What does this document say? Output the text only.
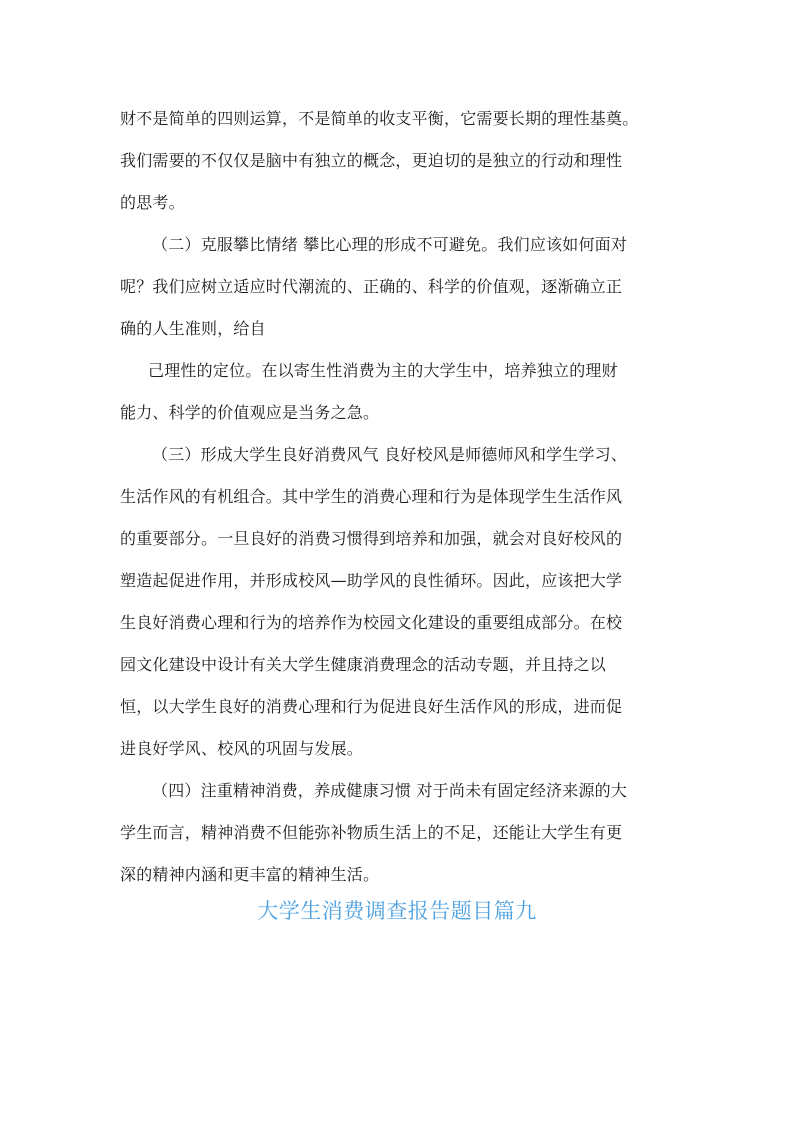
财不是简单的四则运算，不是简单的收支平衡，它需要长期的理性基奠。
我们需要的不仅仅是脑中有独立的概念，更迫切的是独立的行动和理性
的思考。
（二）克服攀比情绪 攀比心理的形成不可避免。我们应该如何面对
呢？我们应树立适应时代潮流的、正确的、科学的价值观，逐渐确立正
确的人生准则，给自
己理性的定位。在以寄生性消费为主的大学生中，培养独立的理财
能力、科学的价值观应是当务之急。
（三）形成大学生良好消费风气 良好校风是师德师风和学生学习、
生活作风的有机组合。其中学生的消费心理和行为是体现学生生活作风
的重要部分。一旦良好的消费习惯得到培养和加强，就会对良好校风的
塑造起促进作用，并形成校风—助学风的良性循环。因此，应该把大学
生良好消费心理和行为的培养作为校园文化建设的重要组成部分。在校
园文化建设中设计有关大学生健康消费理念的活动专题，并且持之以
恒，以大学生良好的消费心理和行为促进良好生活作风的形成，进而促
进良好学风、校风的巩固与发展。
（四）注重精神消费，养成健康习惯 对于尚未有固定经济来源的大
学生而言，精神消费不但能弥补物质生活上的不足，还能让大学生有更
深的精神内涵和更丰富的精神生活。
大学生消费调查报告题目篇九
